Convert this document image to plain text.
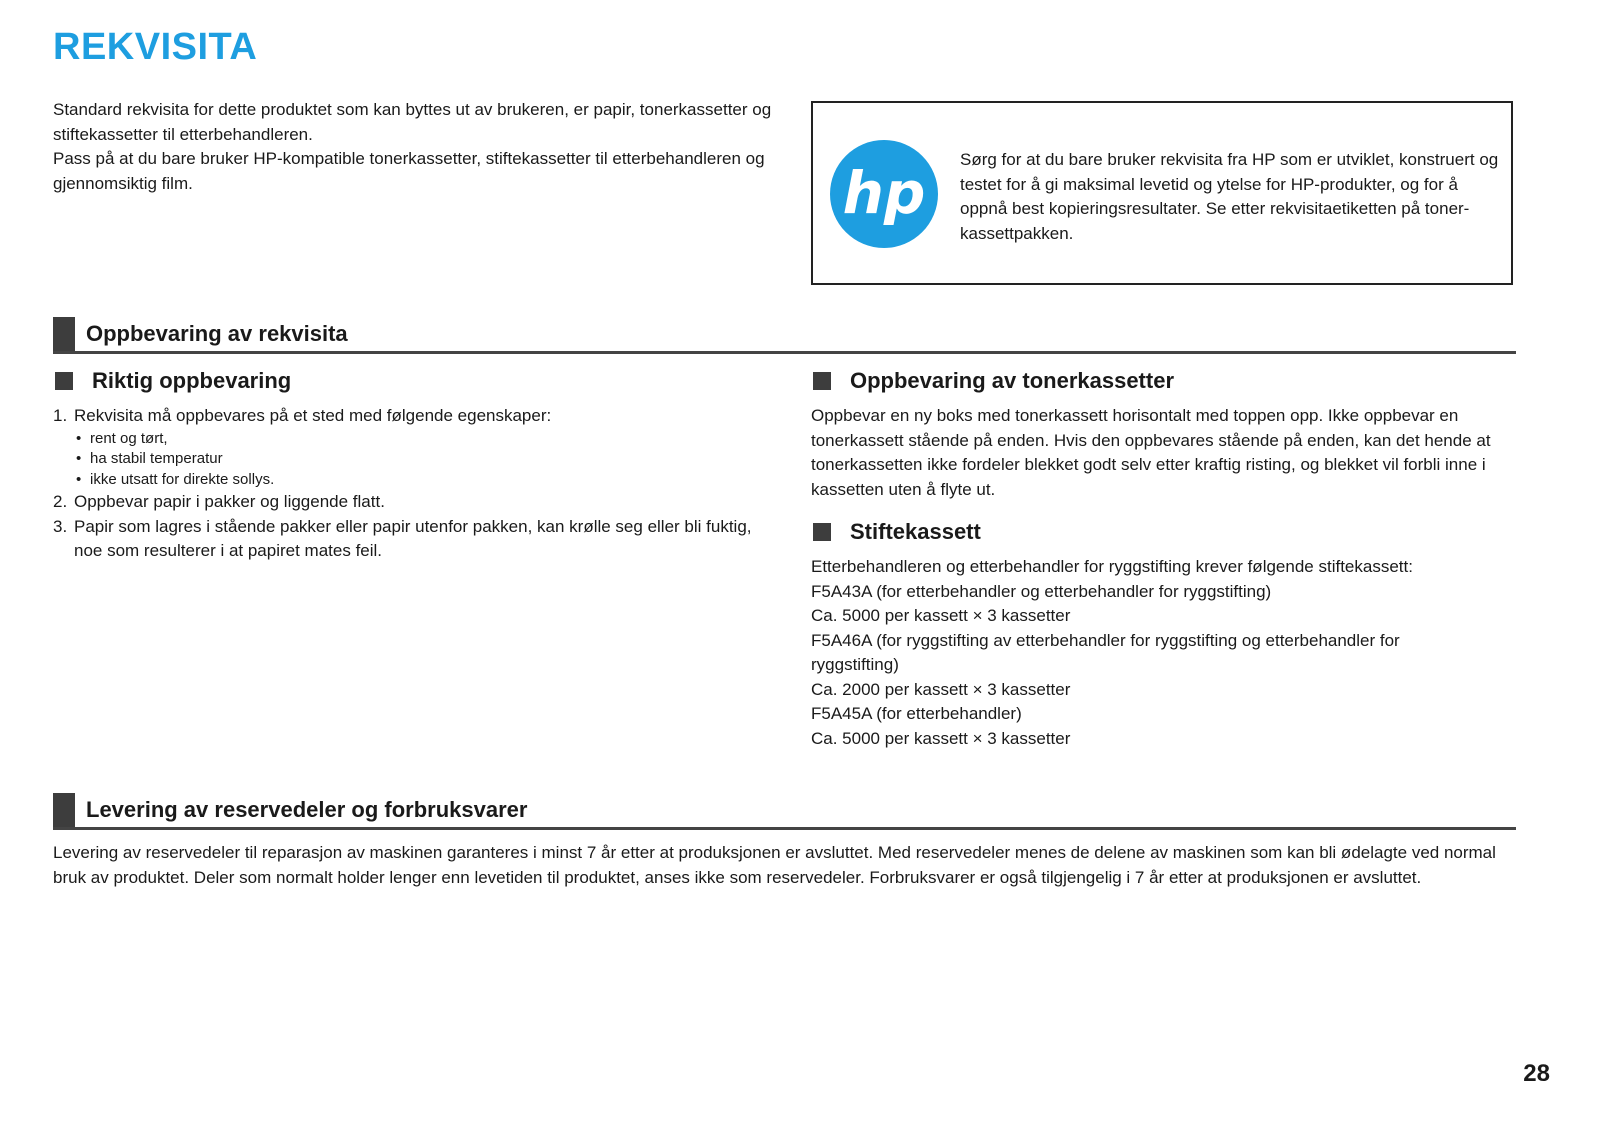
REKVISITA

Standard rekvisita for dette produktet som kan byttes ut av brukeren, er papir, tonerkassetter og stiftekassetter til etterbehandleren.

Pass på at du bare bruker HP-kompatible tonerkassetter, stiftekassetter til etterbehandleren og gjennomsiktig film.	hp Sørg for at du bare bruker rekvisita fra HP som er utviklet, konstruert og testet for å gi maksimal levetid og ytelse for HP-produkter, og for å oppnå best kopieringsresultater. Se etter rekvisitaetiketten på toner-kassettpakken.

Oppbevaring av rekvisita
Riktig oppbevaring
1. Rekvisita må oppbevares på et sted med følgende egenskaper:
• rent og tørt,
• ha stabil temperatur
• ikke utsatt for direkte sollys.
2. Oppbevar papir i pakker og liggende flatt.
3. Papir som lagres i stående pakker eller papir utenfor pakken, kan krølle seg eller bli fuktig, noe som resulterer i at papiret mates feil.
Oppbevaring av tonerkassetter

Oppbevar en ny boks med tonerkassett horisontalt med toppen opp. Ikke oppbevar en tonerkassett stående på enden. Hvis den oppbevares stående på enden, kan det hende at tonerkassetten ikke fordeler blekket godt selv etter kraftig risting, og blekket vil forbli inne i kassetten uten å flyte ut.

Stiftekassett
Etterbehandleren og etterbehandler for ryggstifting krever følgende stiftekassett:
F5A43A (for etterbehandler og etterbehandler for ryggstifting)
Ca. 5000 per kassett × 3 kassetter
F5A46A (for ryggstifting av etterbehandler for ryggstifting og etterbehandler for ryggstifting)
Ca. 2000 per kassett × 3 kassetter
F5A45A (for etterbehandler)
Ca. 5000 per kassett × 3 kassetter
Levering av reservedeler og forbruksvarer

Levering av reservedeler til reparasjon av maskinen garanteres i minst 7 år etter at produksjonen er avsluttet. Med reservedeler menes de delene av maskinen som kan bli ødelagte ved normal bruk av produktet. Deler som normalt holder lenger enn levetiden til produktet, anses ikke som reservedeler. Forbruksvarer er også tilgjengelig i 7 år etter at produksjonen er avsluttet.

28
